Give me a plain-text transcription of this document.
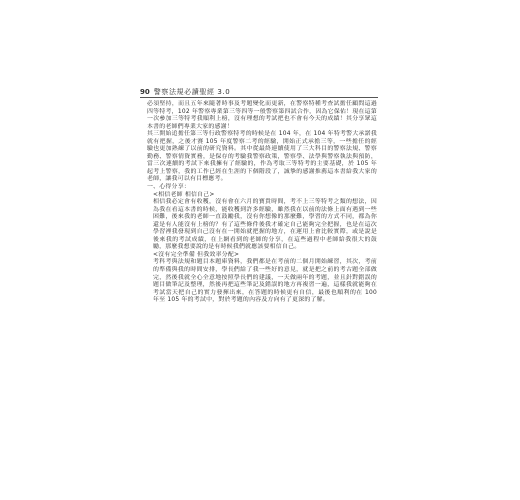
90 警察法規必讀聖經 3.0

必須堅持，而且五年來隨著時事及考題變化而更新，在警察特種考查試擔任顧問這過四等特考，102 年警察專業第三等四等一般警察第四試合作，因為它保佑！現在這第一次參加三等特考我順利上榜，沒有理想的考試把也不會有今天的成績！其分享眾這本書的老師們專業大家的感謝！

其三開始追擔任第三等行政警察特考的時候是在 104 年，在 104 年特考警大承諾我就有把握，之後才賽 105 年度警察二考的經驗，開始正式承擔三等，一些擔任的經驗也更加熟練了以前的研究資料。其中從最終連續使用了三大科目的警察法規、警察勤務、警察情資實務，是保存的考驗我警察政策，警察學、法學與警察執法與預防，當三次連續的考試下來我擁有了經驗的，作為考取三等特考的主要基礎，於 105 年起考上警察，我的工作已經在生涯的下個階段了，誠摯的感謝推薦這本書給我大家的老師，讓我可以有目標應考。

一、心得分享：

<相信老師 相信自己>

相信我必定會有收穫，沒有會在六月的寶貴時間，考不上三等特考之類的想法，因為我在看這本書的時候，能收穫到許多經驗，雖然我在以前的法條上面有遇到一些困難，後來我的老師一直鼓勵我，沒有你想像的那麼難，學習的方式不同，都為你還是有人能沒有上榜的？有了這些條件後我才確定自己能夠完全把握，也是在這次學習裡我發現到自己沒有在一開始就把握的地方，在運用上會比較實際，或是說是後來我的考試成績，在上網看到的老師的分享，在這些過程中老師給我很大的鼓勵，那麼我想要說的是有時候我們就應該要相信自己。

<沒有完全準備 但我效率分配>

考科考與法規和題目本題庫資料，我們都是在考前的二個月開始練習，其次，考前的準備與我的時間安排，學長們給了我一些好的意見，就是把之前的考古題全部做完，然後我就全心全意地按照學長們的建議，一天做兩年的考題，並且針對錯誤的題目做筆記及整理，然後再把這些筆記及錯誤的地方再複習一遍，這樣我就能夠在考試當天把自己的實力發揮出來，在答題的時候更有自信，最後也順利的在 100 年至 105 年的考試中，對於考題的內容及方向有了更深的了解。
